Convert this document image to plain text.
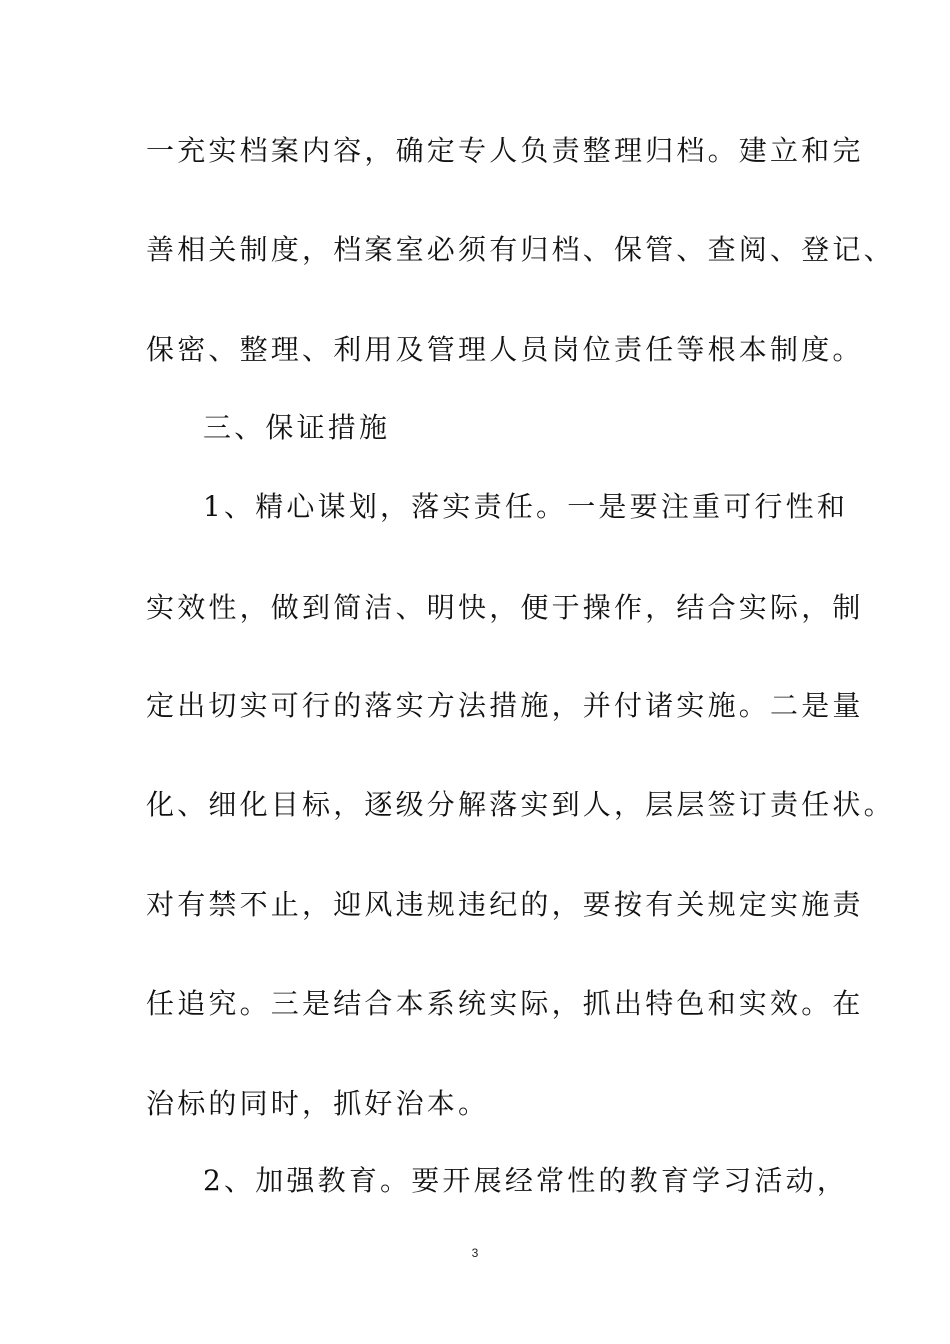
一充实档案内容，确定专人负责整理归档。建立和完
善相关制度，档案室必须有归档、保管、查阅、登记、
保密、整理、利用及管理人员岗位责任等根本制度。
三、保证措施
1、精心谋划，落实责任。一是要注重可行性和
实效性，做到简洁、明快，便于操作，结合实际，制
定出切实可行的落实方法措施，并付诸实施。二是量
化、细化目标，逐级分解落实到人，层层签订责任状。
对有禁不止，迎风违规违纪的，要按有关规定实施责
任追究。三是结合本系统实际，抓出特色和实效。在
治标的同时，抓好治本。
2、加强教育。要开展经常性的教育学习活动，
3
